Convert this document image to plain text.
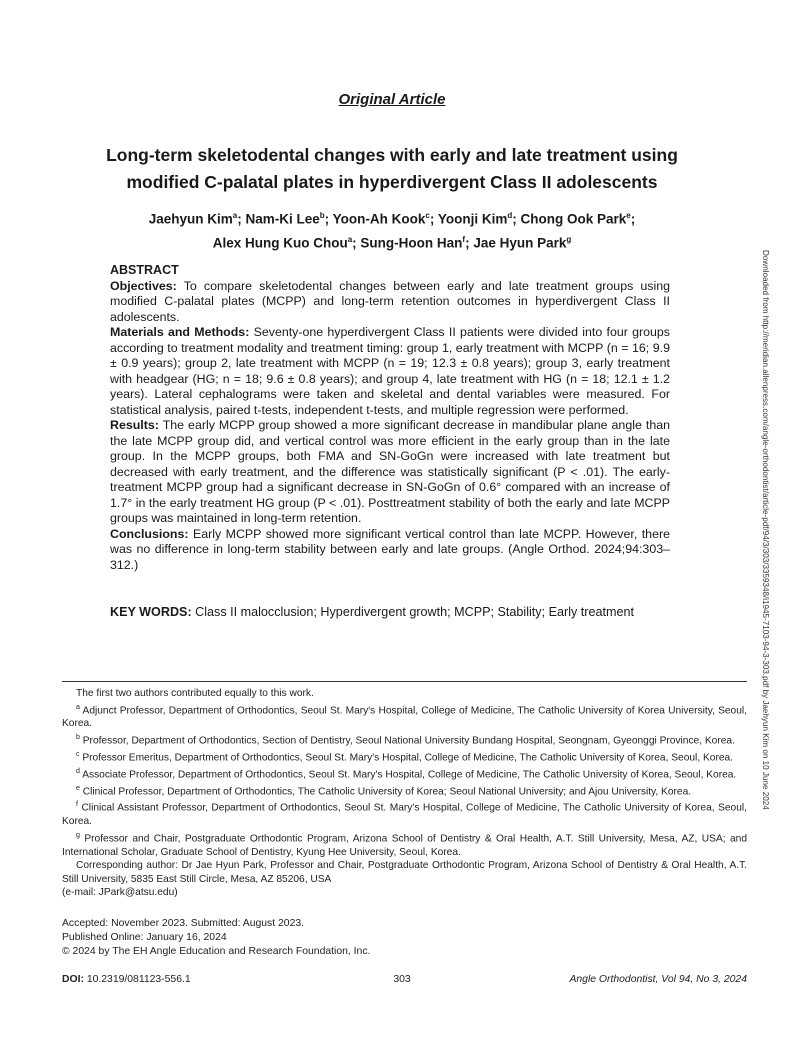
Original Article
Long-term skeletodental changes with early and late treatment using
modified C-palatal plates in hyperdivergent Class II adolescents
Jaehyun Kim$^a$; Nam-Ki Lee$^b$; Yoon-Ah Kook$^c$; Yoonji Kim$^d$; Chong Ook Park$^e$;
Alex Hung Kuo Chou$^a$; Sung-Hoon Han$^f$; Jae Hyun Park$^g$

ABSTRACT

Objectives: To compare skeletodental changes between early and late treatment groups using modified C-palatal plates (MCPP) and long-term retention outcomes in hyperdivergent Class II adolescents.

Materials and Methods: Seventy-one hyperdivergent Class II patients were divided into four groups according to treatment modality and treatment timing: group 1, early treatment with MCPP (n = 16; 9.9 ± 0.9 years); group 2, late treatment with MCPP (n = 19; 12.3 ± 0.8 years); group 3, early treatment with headgear (HG; n = 18; 9.6 ± 0.8 years); and group 4, late treatment with HG (n = 18; 12.1 ± 1.2 years). Lateral cephalograms were taken and skeletal and dental variables were measured. For statistical analysis, paired t-tests, independent t-tests, and multiple regression were performed.

Results: The early MCPP group showed a more significant decrease in mandibular plane angle than the late MCPP group did, and vertical control was more efficient in the early group than in the late group. In the MCPP groups, both FMA and SN-GoGn were increased with late treatment but decreased with early treatment, and the difference was statistically significant (P < .01). The early-treatment MCPP group had a significant decrease in SN-GoGn of 0.6° compared with an increase of 1.7° in the early treatment HG group (P < .01). Posttreatment stability of both the early and late MCPP groups was maintained in long-term retention.

Conclusions: Early MCPP showed more significant vertical control than late MCPP. However, there was no difference in long-term stability between early and late groups. (Angle Orthod. 2024;94:303–312.)

KEY WORDS: Class II malocclusion; Hyperdivergent growth; MCPP; Stability; Early treatment	Downloaded from http://meridian.allenpress.com/angle-orthodontist/article-pdf/94/3/303/3359348/i1945-7103-94-3-303.pdf by Jaehyun Kim on 10 June 2024

The first two authors contributed equally to this work.

$^a$ Adjunct Professor, Department of Orthodontics, Seoul St. Mary's Hospital, College of Medicine, The Catholic University of Korea University, Seoul, Korea.

$^b$ Professor, Department of Orthodontics, Section of Dentistry, Seoul National University Bundang Hospital, Seongnam, Gyeonggi Province, Korea.

$^c$ Professor Emeritus, Department of Orthodontics, Seoul St. Mary's Hospital, College of Medicine, The Catholic University of Korea, Seoul, Korea.

$^d$ Associate Professor, Department of Orthodontics, Seoul St. Mary's Hospital, College of Medicine, The Catholic University of Korea, Seoul, Korea.

$^e$ Clinical Professor, Department of Orthodontics, The Catholic University of Korea; Seoul National University; and Ajou University, Korea.

$^f$ Clinical Assistant Professor, Department of Orthodontics, Seoul St. Mary's Hospital, College of Medicine, The Catholic University of Korea, Seoul, Korea.

$^g$ Professor and Chair, Postgraduate Orthodontic Program, Arizona School of Dentistry & Oral Health, A.T. Still University, Mesa, AZ, USA; and International Scholar, Graduate School of Dentistry, Kyung Hee University, Seoul, Korea.

Corresponding author: Dr Jae Hyun Park, Professor and Chair, Postgraduate Orthodontic Program, Arizona School of Dentistry & Oral Health, A.T. Still University, 5835 East Still Circle, Mesa, AZ 85206, USA

(e-mail: JPark@atsu.edu)

Accepted: November 2023. Submitted: August 2023.

Published Online: January 16, 2024

© 2024 by The EH Angle Education and Research Foundation, Inc.

DOI: 10.2319/081123-556.1	303	Angle Orthodontist, Vol 94, No 3, 2024
